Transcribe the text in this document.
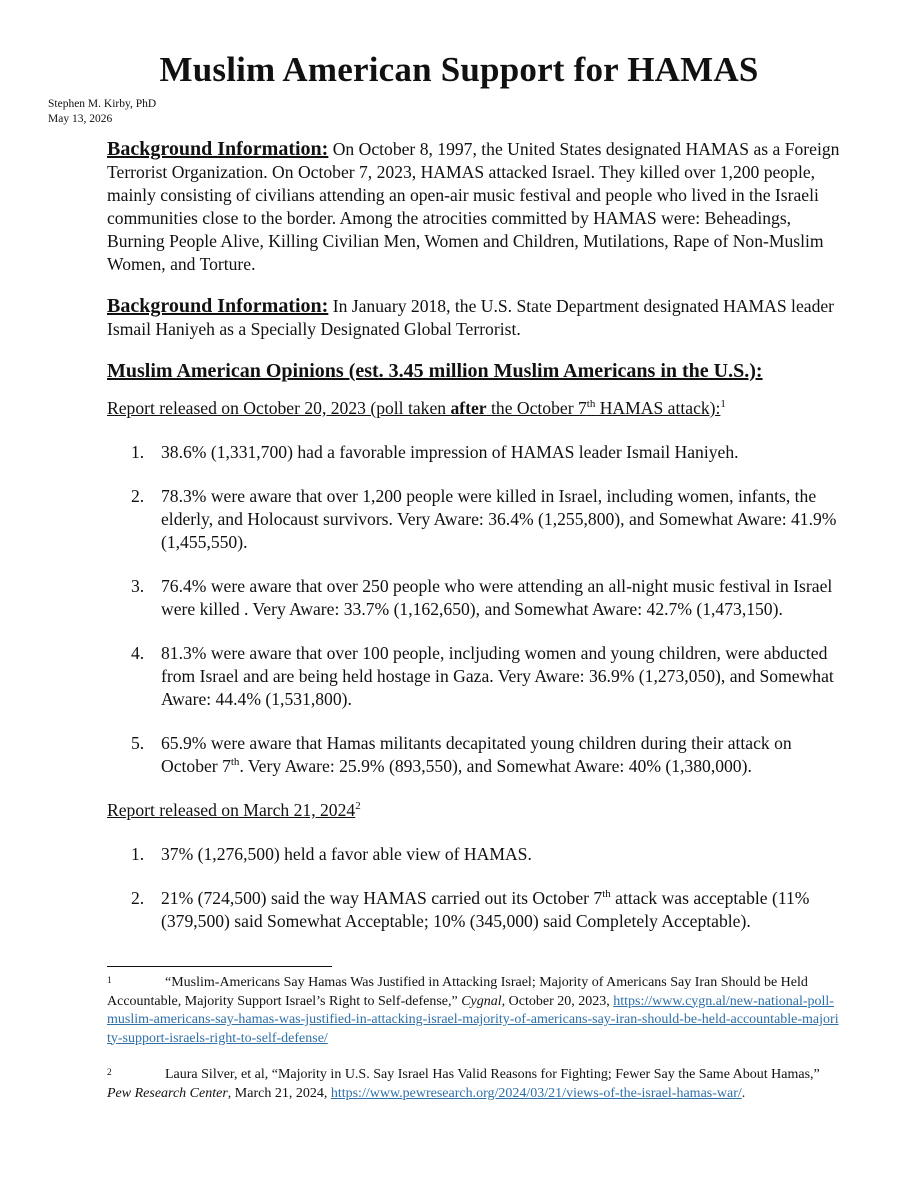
Muslim American Support for HAMAS
Stephen M. Kirby, PhD
May 13, 2026

Background Information: On October 8, 1997, the United States designated HAMAS as a Foreign Terrorist Organization. On October 7, 2023, HAMAS attacked Israel. They killed over 1,200 people, mainly consisting of civilians attending an open-air music festival and people who lived in the Israeli communities close to the border. Among the atrocities committed by HAMAS were: Beheadings, Burning People Alive, Killing Civilian Men, Women and Children, Mutilations, Rape of Non-Muslim Women, and Torture.

Background Information: In January 2018, the U.S. State Department designated HAMAS leader Ismail Haniyeh as a Specially Designated Global Terrorist.

Muslim American Opinions (est. 3.45 million Muslim Americans in the U.S.):
Report released on October 20, 2023 (poll taken after the October 7th HAMAS attack):$^1$
1. 38.6% (1,331,700) had a favorable impression of HAMAS leader Ismail Haniyeh.
2. 78.3% were aware that over 1,200 people were killed in Israel, including women, infants, the elderly, and Holocaust survivors. Very Aware: 36.4% (1,255,800), and Somewhat Aware: 41.9% (1,455,550).
3. 76.4% were aware that over 250 people who were attending an all-night music festival in Israel were killed . Very Aware: 33.7% (1,162,650), and Somewhat Aware: 42.7% (1,473,150).
4. 81.3% were aware that over 100 people, incljuding women and young children, were abducted from Israel and are being held hostage in Gaza. Very Aware: 36.9% (1,273,050), and Somewhat Aware: 44.4% (1,531,800).
5. 65.9% were aware that Hamas militants decapitated young children during their attack on October 7th. Very Aware: 25.9% (893,550), and Somewhat Aware: 40% (1,380,000).
Report released on March 21, 2024$^2$
1. 37% (1,276,500) held a favor able view of HAMAS.
2. 21% (724,500) said the way HAMAS carried out its October 7th attack was acceptable (11% (379,500) said Somewhat Acceptable; 10% (345,000) said Completely Acceptable).

1	“Muslim-Americans Say Hamas Was Justified in Attacking Israel; Majority of Americans Say Iran Should be Held Accountable, Majority Support Israel’s Right to Self-defense,” Cygnal, October 20, 2023, https://www.cygn.al/new-national-poll-muslim-americans-say-hamas-was-justified-in-attacking-israel-majority-of-americans-say-iran-should-be-held-accountable-majority-support-israels-right-to-self-defense/

2	Laura Silver, et al, “Majority in U.S. Say Israel Has Valid Reasons for Fighting; Fewer Say the Same About Hamas,” Pew Research Center, March 21, 2024, https://www.pewresearch.org/2024/03/21/views-of-the-israel-hamas-war/.
